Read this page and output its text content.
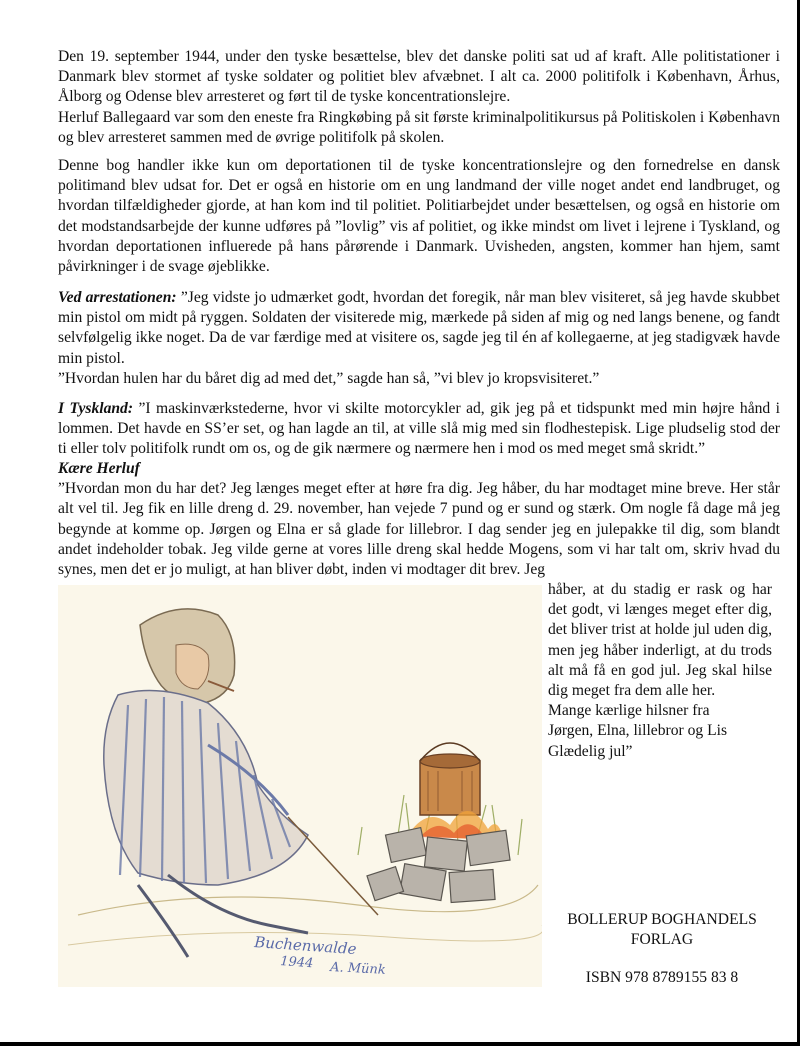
Den 19. september 1944, under den tyske besættelse, blev det danske politi sat ud af kraft. Alle politistationer i Danmark blev stormet af tyske soldater og politiet blev afvæbnet. I alt ca. 2000 politifolk i København, Århus, Ålborg og Odense blev arresteret og ført til de tyske koncentrationslejre.

Herluf Ballegaard var som den eneste fra Ringkøbing på sit første kriminalpolitikursus på Politiskolen i København og blev arresteret sammen med de øvrige politifolk på skolen.

Denne bog handler ikke kun om deportationen til de tyske koncentrationslejre og den fornedrelse en dansk politimand blev udsat for. Det er også en historie om en ung landmand der ville noget andet end landbruget, og hvordan tilfældigheder gjorde, at han kom ind til politiet. Politiarbejdet under besættelsen, og også en historie om det modstandsarbejde der kunne udføres på ”lovlig” vis af politiet, og ikke mindst om livet i lejrene i Tyskland, og hvordan deportationen influerede på hans pårørende i Danmark. Uvisheden, angsten, kommer han hjem, samt påvirkninger i de svage øjeblikke.

Ved arrestationen: ”Jeg vidste jo udmærket godt, hvordan det foregik, når man blev visiteret, så jeg havde skubbet min pistol om midt på ryggen. Soldaten der visiterede mig, mærkede på siden af mig og ned langs benene, og fandt selvfølgelig ikke noget. Da de var færdige med at visitere os, sagde jeg til én af kollegaerne, at jeg stadigvæk havde min pistol.

”Hvordan hulen har du båret dig ad med det,” sagde han så, ”vi blev jo kropsvisiteret.”

I Tyskland: ”I maskinværkstederne, hvor vi skilte motorcykler ad, gik jeg på et tidspunkt med min højre hånd i lommen. Det havde en SS’er set, og han lagde an til, at ville slå mig med sin flodhestepisk. Lige pludselig stod der ti eller tolv politifolk rundt om os, og de gik nærmere og nærmere hen i mod os med meget små skridt.”

Kære Herluf

”Hvordan mon du har det? Jeg længes meget efter at høre fra dig. Jeg håber, du har modtaget mine breve. Her står alt vel til. Jeg fik en lille dreng d. 29. november, han vejede 7 pund og er sund og stærk. Om nogle få dage må jeg begynde at komme op. Jørgen og Elna er så glade for lillebror. I dag sender jeg en julepakke til dig, som blandt andet indeholder tobak. Jeg vilde gerne at vores lille dreng skal hedde Mogens, som vi har talt om, skriv hvad du synes, men det er jo muligt, at han bliver døbt, inden vi modtager dit brev. Jeg

håber, at du stadig er rask og har det godt, vi længes meget efter dig, det bliver trist at holde jul uden dig, men jeg håber inderligt, at du trods alt må få en god jul. Jeg skal hilse dig meget fra dem alle her.
Mange kærlige hilsner fra
Jørgen, Elna, lillebror og Lis
Glædelig jul”
Buchenwalde
1944 A. Münk
BOLLERUP BOGHANDELS
FORLAG
ISBN 978 8789155 83 8
